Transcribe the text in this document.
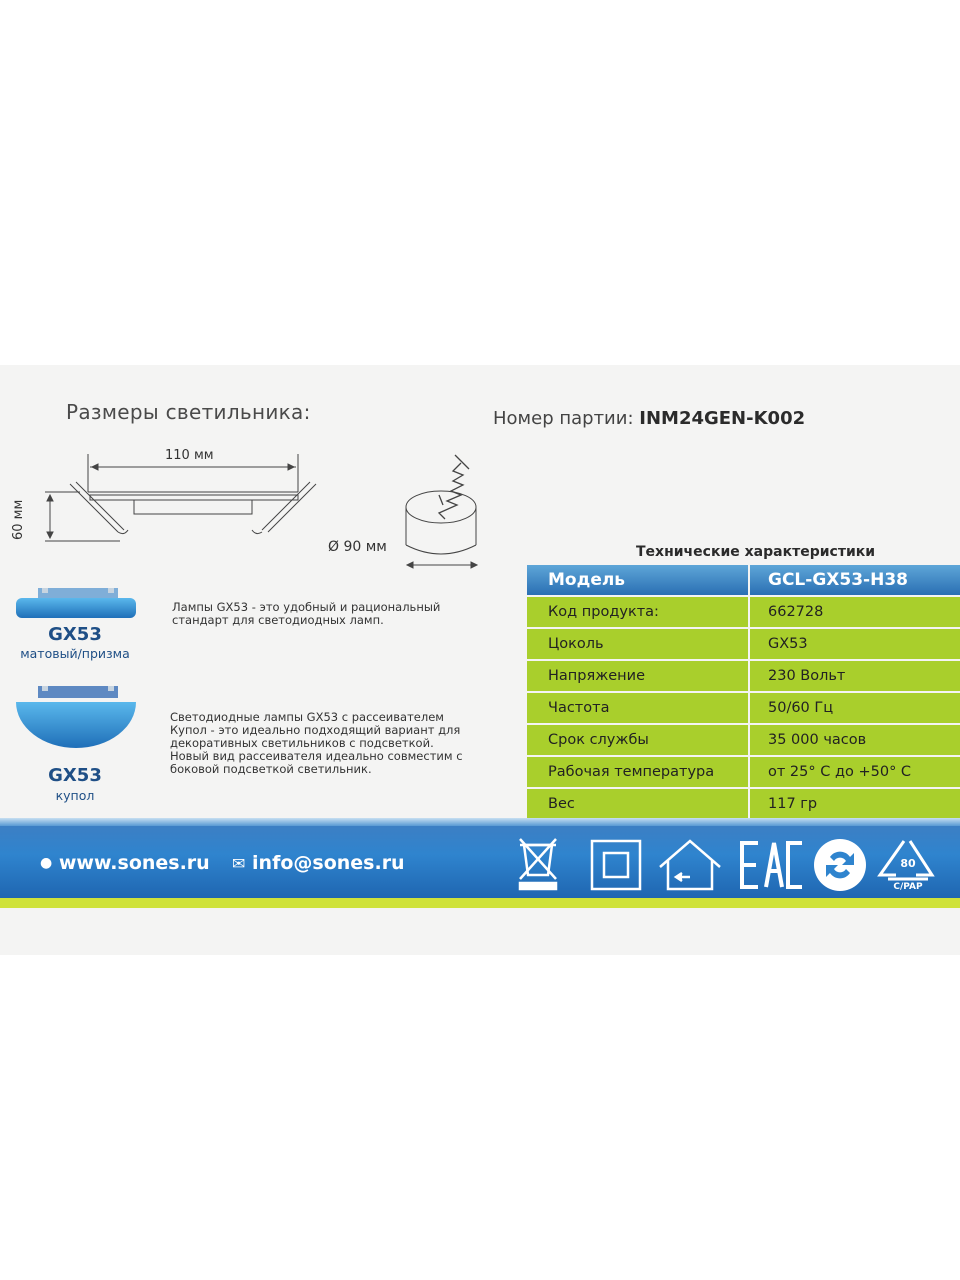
Размеры светильника:	Номер партии: INM24GEN-K002
110 мм
60 мм
Ø 90 мм
GX53
матовый/призма
Лампы GX53 - это удобный и рациональный стандарт для светодиодных ламп.
GX53
купол
Светодиодные лампы GX53 с рассеивателем Купол - это идеально подходящий вариант для декоративных светильников с подсветкой. Новый вид рассеивателя идеально совместим с боковой подсветкой светильник.
Технические характеристики
Модель	GCL-GX53-H38
Код продукта:	662728
Цоколь	GX53
Напряжение	230 Вольт
Частота	50/60 Гц
Срок службы	35 000 часов
Рабочая температура	от 25° С до +50° С
Вес	117 гр
● www.sones.ru ✉ info@sones.ru	80
C/PAP
